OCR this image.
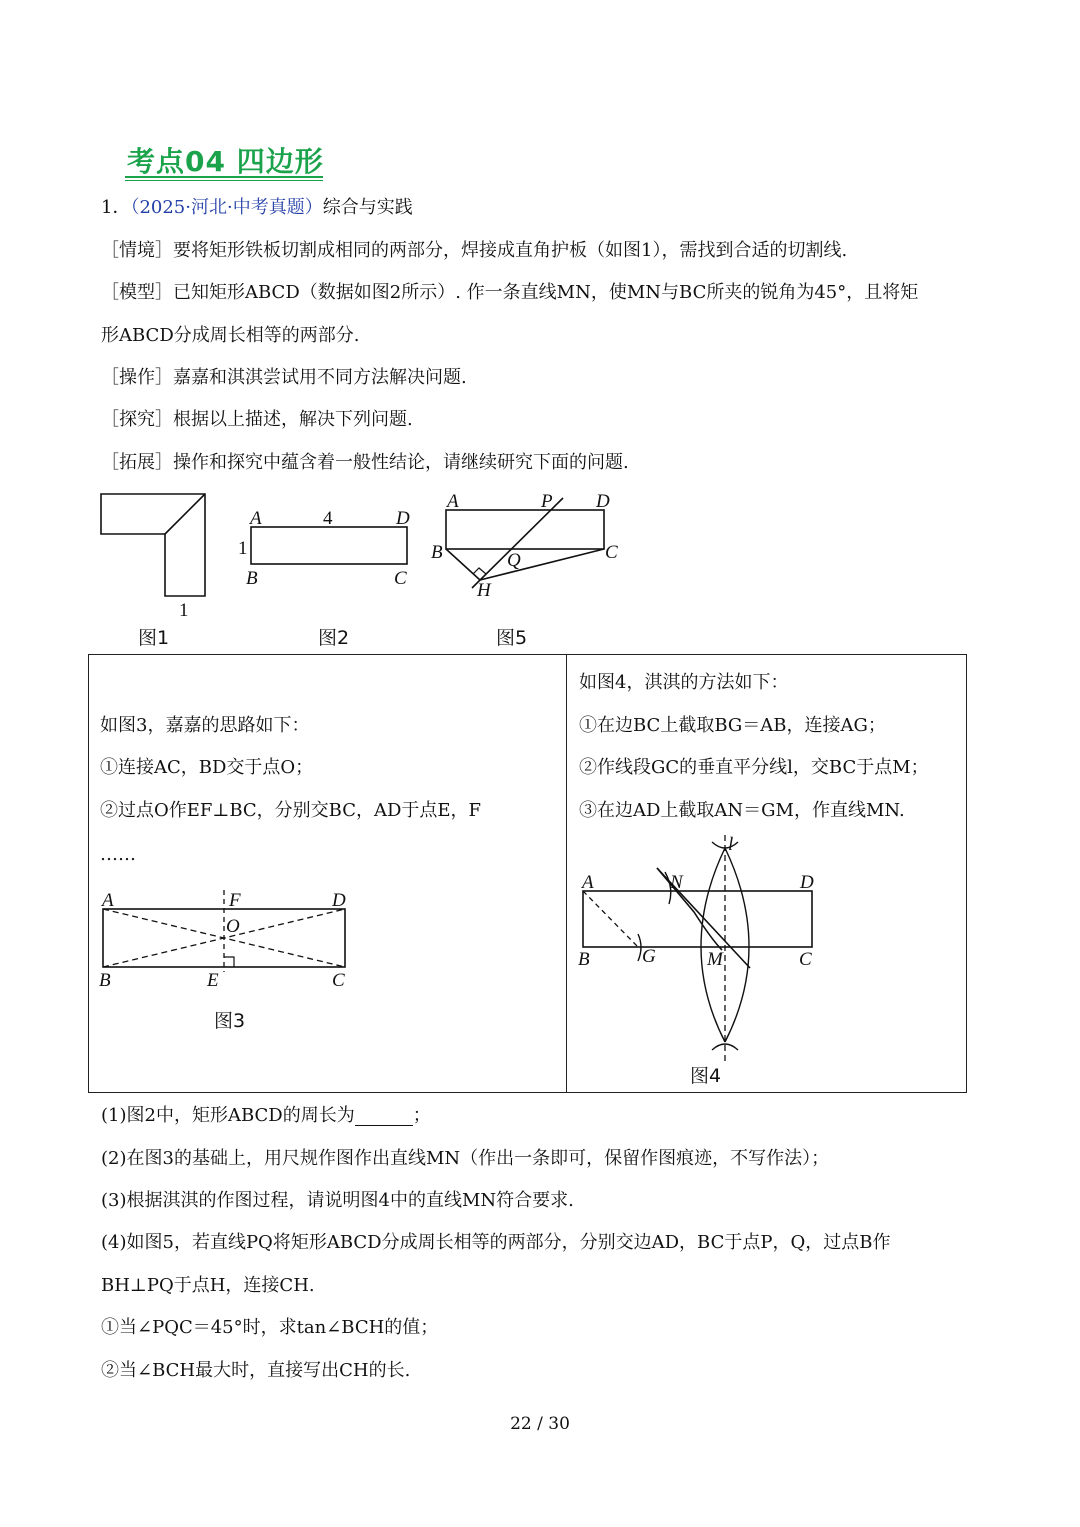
考点04 四边形
1．（2025·河北·中考真题）综合与实践
［情境］要将矩形铁板切割成相同的两部分，焊接成直角护板（如图1），需找到合适的切割线.
［模型］已知矩形ABCD（数据如图2所示）. 作一条直线MN，使MN与BC所夹的锐角为45°，且将矩
形ABCD分成周长相等的两部分.
［操作］嘉嘉和淇淇尝试用不同方法解决问题.
［探究］根据以上描述，解决下列问题.
［拓展］操作和探究中蕴含着一般性结论，请继续研究下面的问题.
1
图1
A	D
B	C
4
1
图2
A	P D
B	Q	C
H
图5
如图3，嘉嘉的思路如下：
①连接AC，BD交于点O；
②过点O作EF⊥BC，分别交BC，AD于点E，F
……
A	F	D
O
B	E	C
图3
如图4，淇淇的方法如下：
①在边BC上截取BG＝AB，连接AG；
②作线段GC的垂直平分线l，交BC于点M；
③在边AD上截取AN＝GM，作直线MN.
l
A	N	D
B	G	M	C
图4
(1)图2中，矩形ABCD的周长为	；
(2)在图3的基础上，用尺规作图作出直线MN（作出一条即可，保留作图痕迹，不写作法）；
(3)根据淇淇的作图过程，请说明图4中的直线MN符合要求.
(4)如图5，若直线PQ将矩形ABCD分成周长相等的两部分，分别交边AD，BC于点P，Q，过点B作
BH⊥PQ于点H，连接CH.
①当∠PQC＝45°时，求tan∠BCH的值；
②当∠BCH最大时，直接写出CH的长.
22 / 30
